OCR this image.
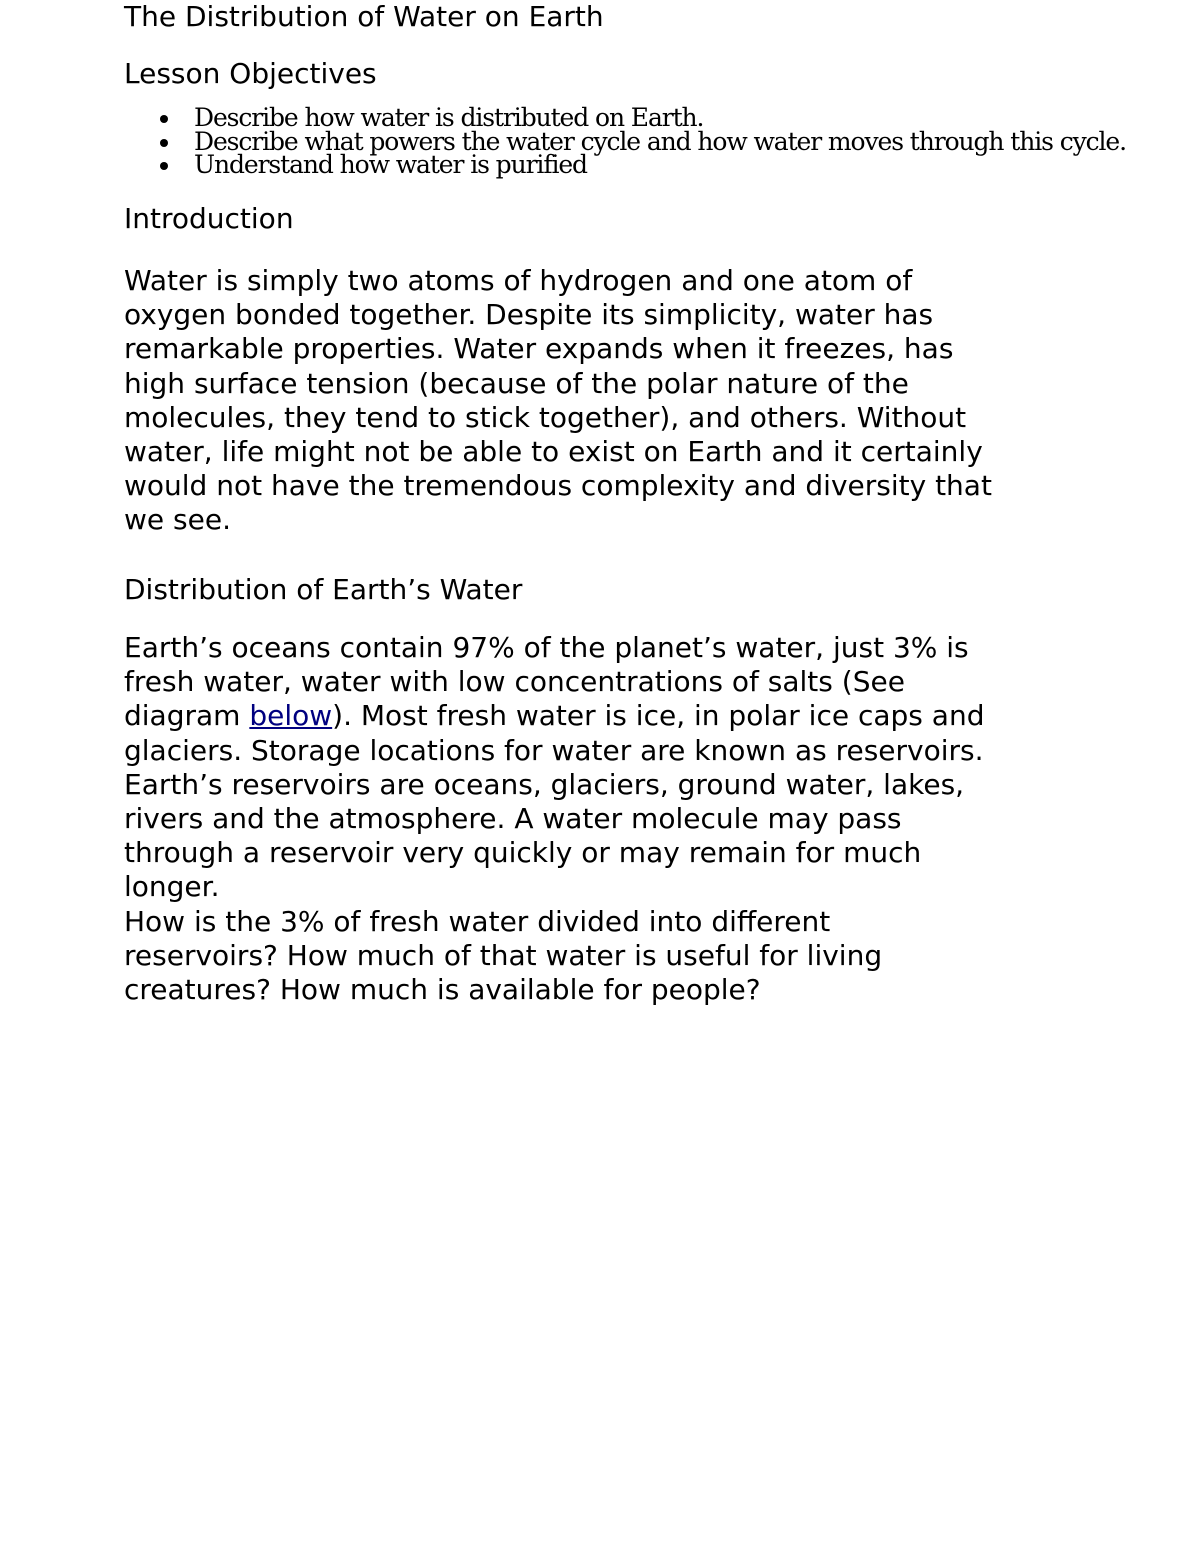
The Distribution of Water on Earth
Lesson Objectives
Describe how water is distributed on Earth.
Describe what powers the water cycle and how water moves through this cycle.
Understand how water is purified
Introduction
Water is simply two atoms of hydrogen and one atom of
oxygen bonded together. Despite its simplicity, water has
remarkable properties. Water expands when it freezes, has
high surface tension (because of the polar nature of the
molecules, they tend to stick together), and others. Without
water, life might not be able to exist on Earth and it certainly
would not have the tremendous complexity and diversity that
we see.
Distribution of Earth’s Water
Earth’s oceans contain 97% of the planet’s water, just 3% is
fresh water, water with low concentrations of salts (See
diagram below). Most fresh water is ice, in polar ice caps and
glaciers. Storage locations for water are known as reservoirs.
Earth’s reservoirs are oceans, glaciers, ground water, lakes,
rivers and the atmosphere. A water molecule may pass
through a reservoir very quickly or may remain for much
longer.
How is the 3% of fresh water divided into different
reservoirs? How much of that water is useful for living
creatures? How much is available for people?
